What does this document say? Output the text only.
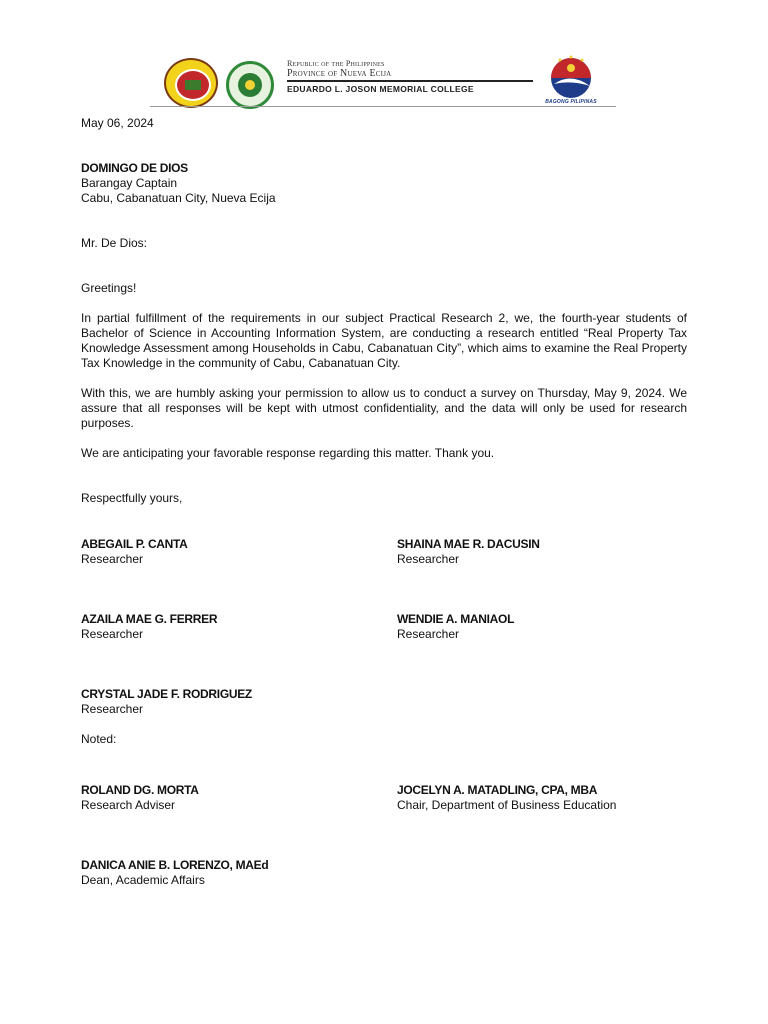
Republic of the Philippines
Province of Nueva Ecija
EDUARDO L. JOSON MEMORIAL COLLEGE
BAGONG PILIPINAS
May 06, 2024
DOMINGO DE DIOS
Barangay Captain
Cabu, Cabanatuan City, Nueva Ecija
Mr. De Dios:
Greetings!
In partial fulfillment of the requirements in our subject Practical Research 2, we, the fourth-year students of Bachelor of Science in Accounting Information System, are conducting a research entitled “Real Property Tax Knowledge Assessment among Households in Cabu, Cabanatuan City”, which aims to examine the Real Property Tax Knowledge in the community of Cabu, Cabanatuan City.
With this, we are humbly asking your permission to allow us to conduct a survey on Thursday, May 9, 2024. We assure that all responses will be kept with utmost confidentiality, and the data will only be used for research purposes.
We are anticipating your favorable response regarding this matter. Thank you.
Respectfully yours,
ABEGAIL P. CANTA
Researcher
SHAINA MAE R. DACUSIN
Researcher
AZAILA MAE G. FERRER
Researcher
WENDIE A. MANIAOL
Researcher
CRYSTAL JADE F. RODRIGUEZ
Researcher
Noted:
ROLAND DG. MORTA
Research Adviser
JOCELYN A. MATADLING, CPA, MBA
Chair, Department of Business Education
DANICA ANIE B. LORENZO, MAEd
Dean, Academic Affairs
